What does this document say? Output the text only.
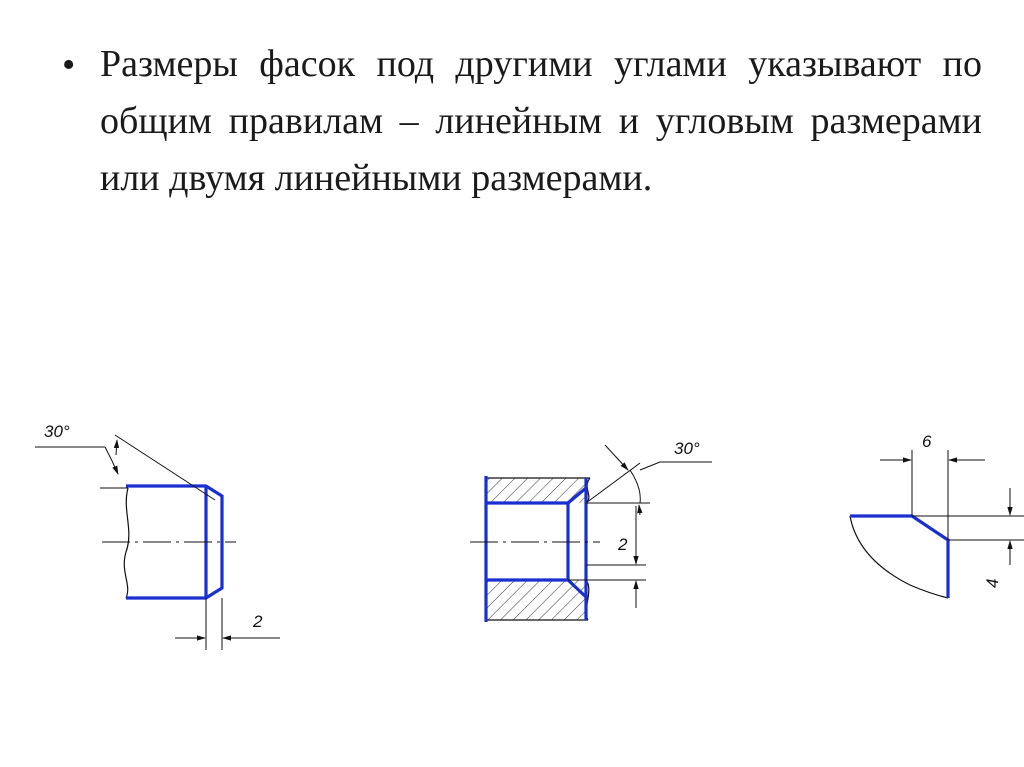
• Размеры фасок под другими углами указывают по общим правилам – линейным и угловым размерами или двумя линейными размерами.
30°
2
30°
2
6
4
